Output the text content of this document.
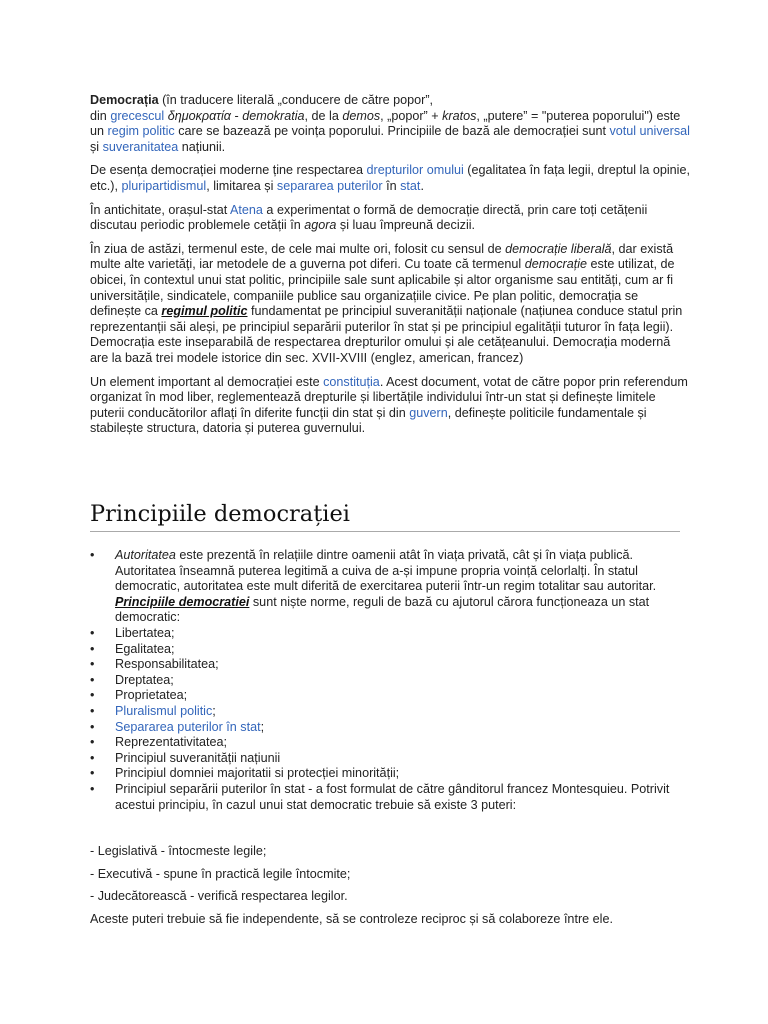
Democrația (în traducere literală „conducere de către popor”,
din grecescul δημοκρατία - demokratia, de la demos, „popor” + kratos, „putere” = "puterea poporului") este un regim politic care se bazează pe voința poporului. Principiile de bază ale democrației sunt votul universal și suveranitatea națiunii.

De esența democrației moderne ține respectarea drepturilor omului (egalitatea în fața legii, dreptul la opinie, etc.), pluripartidismul, limitarea și separarea puterilor în stat.

În antichitate, orașul-stat Atena a experimentat o formă de democrație directă, prin care toți cetățenii discutau periodic problemele cetății în agora și luau împreună decizii.

În ziua de astăzi, termenul este, de cele mai multe ori, folosit cu sensul de democrație liberală, dar există multe alte varietăți, iar metodele de a guverna pot diferi. Cu toate că termenul democrație este utilizat, de obicei, în contextul unui stat politic, principiile sale sunt aplicabile și altor organisme sau entități, cum ar fi universitățile, sindicatele, companiile publice sau organizațiile civice. Pe plan politic, democrația se definește ca regimul politic fundamentat pe principiul suveranității naționale (națiunea conduce statul prin reprezentanții săi aleși, pe principiul separării puterilor în stat și pe principiul egalității tuturor în fața legii). Democrația este inseparabilă de respectarea drepturilor omului și ale cetățeanului. Democrația modernă are la bază trei modele istorice din sec. XVII-XVIII (englez, american, francez)

Un element important al democrației este constituția. Acest document, votat de către popor prin referendum organizat în mod liber, reglementează drepturile și libertățile individului într-un stat și definește limitele puterii conducătorilor aflați în diferite funcții din stat și din guvern, definește politicile fundamentale și stabilește structura, datoria și puterea guvernului.

Principiile democrației
• Autoritatea este prezentă în relațiile dintre oamenii atât în viața privată, cât și în viața publică. Autoritatea înseamnă puterea legitimă a cuiva de a-și impune propria voință celorlalți. În statul democratic, autoritatea este mult diferită de exercitarea puterii într-un regim totalitar sau autoritar. Principiile democratiei sunt niște norme, reguli de bază cu ajutorul cărora funcționeaza un stat democratic:
• Libertatea;
• Egalitatea;
• Responsabilitatea;
• Dreptatea;
• Proprietatea;
• Pluralismul politic;
• Separarea puterilor în stat;
• Reprezentativitatea;
• Principiul suveranității națiunii
• Principiul domniei majoritatii si protecției minorității;
• Principiul separării puterilor în stat - a fost formulat de către gânditorul francez Montesquieu. Potrivit acestui principiu, în cazul unui stat democratic trebuie să existe 3 puteri:

- Legislativă - întocmeste legile;

- Executivă - spune în practică legile întocmite;

- Judecătorească - verifică respectarea legilor.

Aceste puteri trebuie să fie independente, să se controleze reciproc și să colaboreze între ele.
